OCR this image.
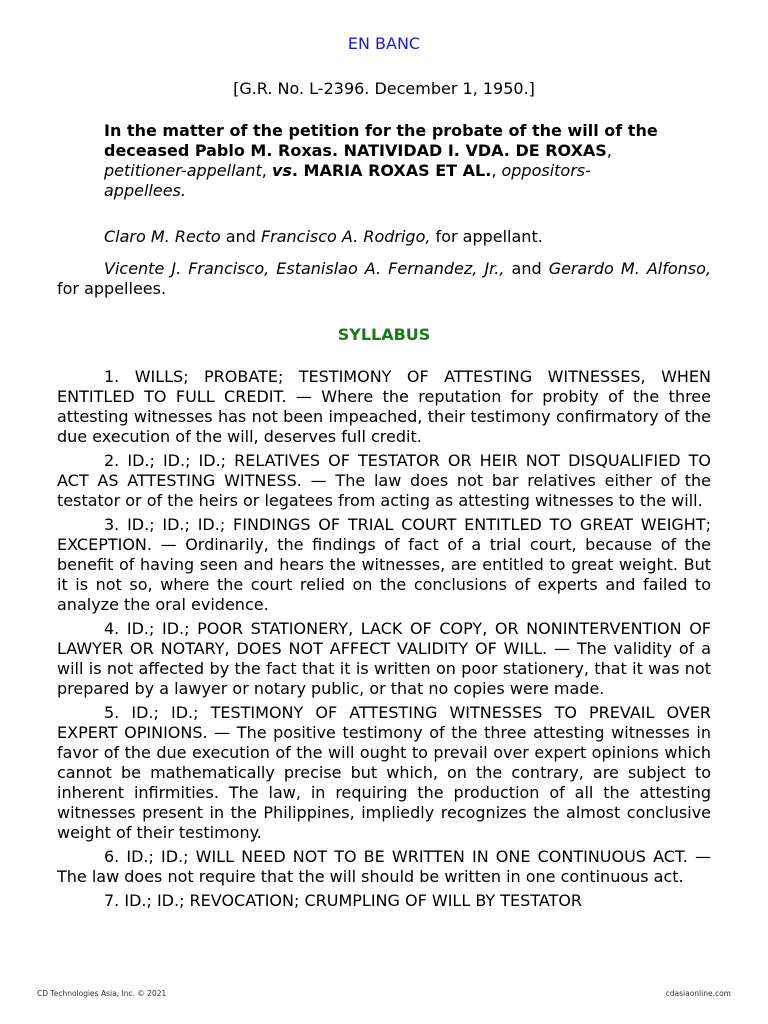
EN BANC
[G.R. No. L-2396. December 1, 1950.]
In the matter of the petition for the probate of the will of the deceased Pablo M. Roxas. NATIVIDAD I. VDA. DE ROXAS, petitioner-appellant, vs. MARIA ROXAS ET AL., oppositors-appellees.
Claro M. Recto and Francisco A. Rodrigo, for appellant.
Vicente J. Francisco, Estanislao A. Fernandez, Jr., and Gerardo M. Alfonso, for appellees.
SYLLABUS

1. WILLS; PROBATE; TESTIMONY OF ATTESTING WITNESSES, WHEN ENTITLED TO FULL CREDIT. — Where the reputation for probity of the three attesting witnesses has not been impeached, their testimony confirmatory of the due execution of the will, deserves full credit.

2. ID.; ID.; ID.; RELATIVES OF TESTATOR OR HEIR NOT DISQUALIFIED TO ACT AS ATTESTING WITNESS. — The law does not bar relatives either of the testator or of the heirs or legatees from acting as attesting witnesses to the will.

3. ID.; ID.; ID.; FINDINGS OF TRIAL COURT ENTITLED TO GREAT WEIGHT; EXCEPTION. — Ordinarily, the findings of fact of a trial court, because of the benefit of having seen and hears the witnesses, are entitled to great weight. But it is not so, where the court relied on the conclusions of experts and failed to analyze the oral evidence.

4. ID.; ID.; POOR STATIONERY, LACK OF COPY, OR NONINTERVENTION OF LAWYER OR NOTARY, DOES NOT AFFECT VALIDITY OF WILL. — The validity of a will is not affected by the fact that it is written on poor stationery, that it was not prepared by a lawyer or notary public, or that no copies were made.

5. ID.; ID.; TESTIMONY OF ATTESTING WITNESSES TO PREVAIL OVER EXPERT OPINIONS. — The positive testimony of the three attesting witnesses in favor of the due execution of the will ought to prevail over expert opinions which cannot be mathematically precise but which, on the contrary, are subject to inherent infirmities. The law, in requiring the production of all the attesting witnesses present in the Philippines, impliedly recognizes the almost conclusive weight of their testimony.

6. ID.; ID.; WILL NEED NOT TO BE WRITTEN IN ONE CONTINUOUS ACT. — The law does not require that the will should be written in one continuous act.

7. ID.; ID.; REVOCATION; CRUMPLING OF WILL BY TESTATOR

CD Technologies Asia, Inc. © 2021	cdasiaonline.com
